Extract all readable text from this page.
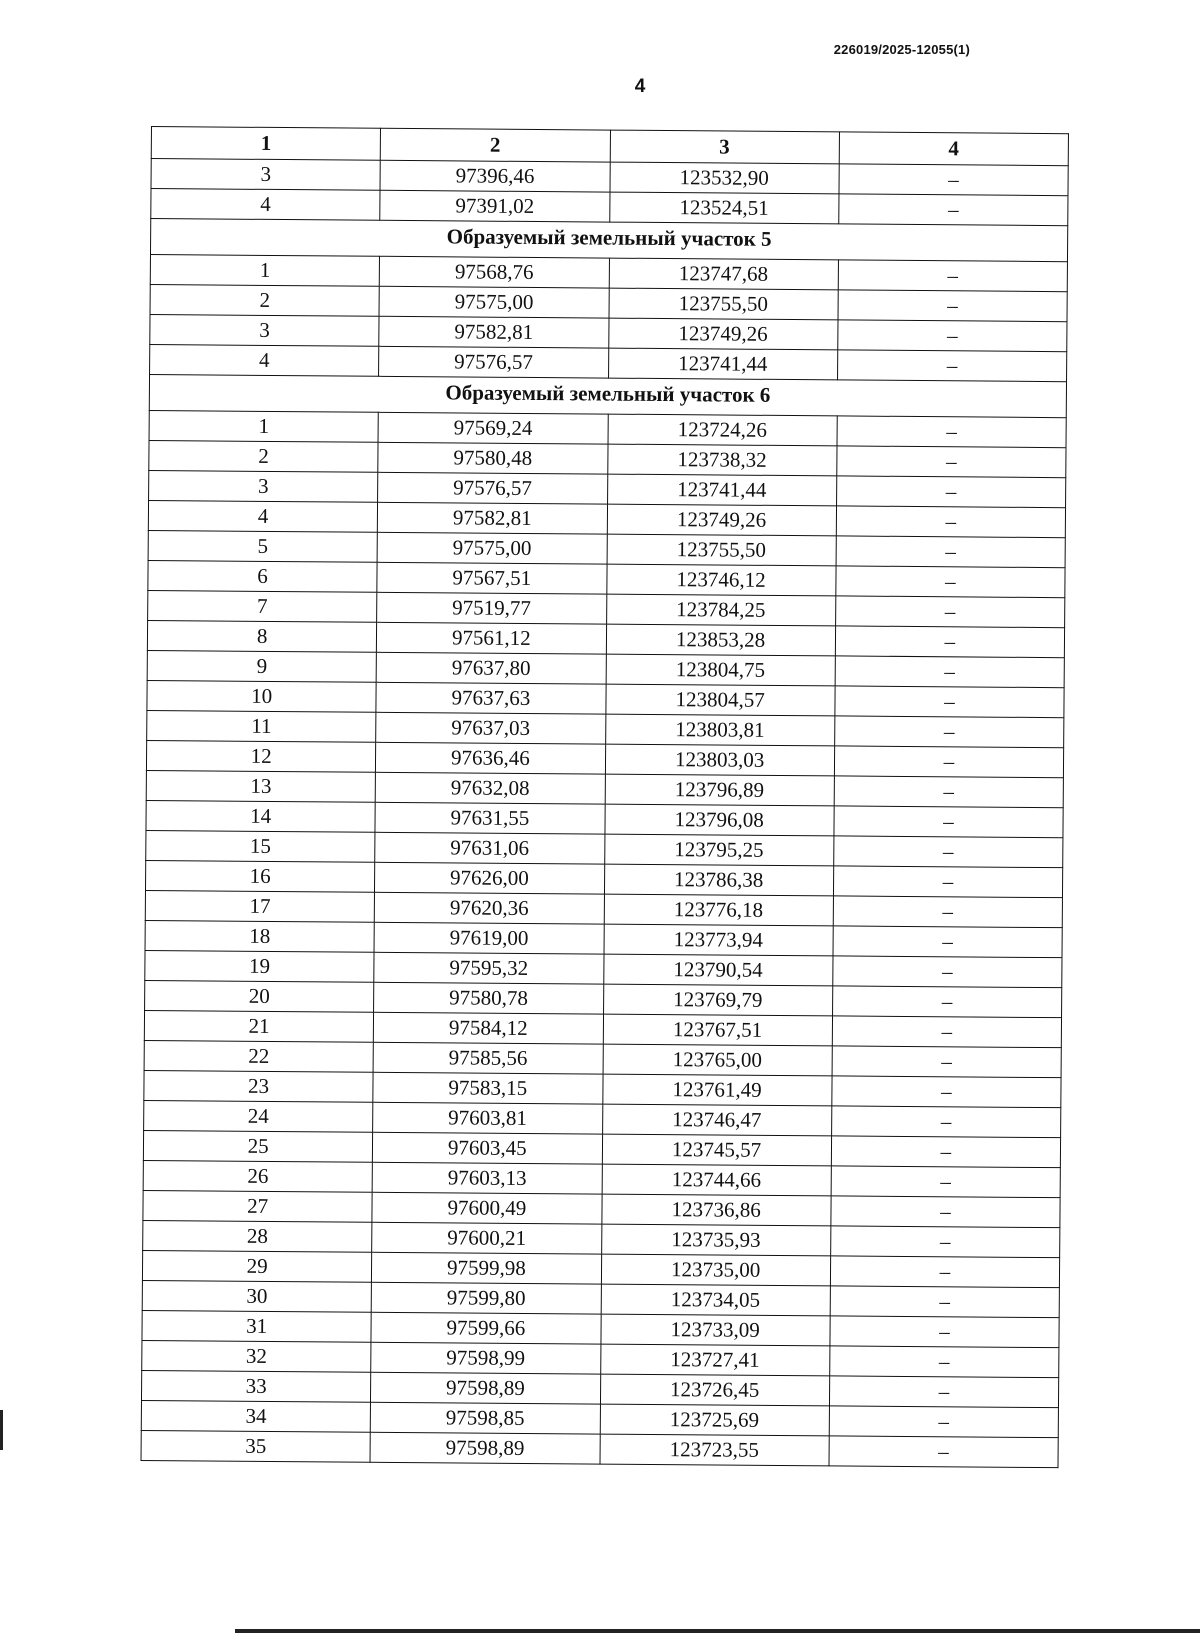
226019/2025-12055(1)
4
1	2	3	4
3	97396,46	123532,90	–
4	97391,02	123524,51	–
Образуемый земельный участок 5			
1	97568,76	123747,68	–
2	97575,00	123755,50	–
3	97582,81	123749,26	–
4	97576,57	123741,44	–
Образуемый земельный участок 6			
1	97569,24	123724,26	–
2	97580,48	123738,32	–
3	97576,57	123741,44	–
4	97582,81	123749,26	–
5	97575,00	123755,50	–
6	97567,51	123746,12	–
7	97519,77	123784,25	–
8	97561,12	123853,28	–
9	97637,80	123804,75	–
10	97637,63	123804,57	–
11	97637,03	123803,81	–
12	97636,46	123803,03	–
13	97632,08	123796,89	–
14	97631,55	123796,08	–
15	97631,06	123795,25	–
16	97626,00	123786,38	–
17	97620,36	123776,18	–
18	97619,00	123773,94	–
19	97595,32	123790,54	–
20	97580,78	123769,79	–
21	97584,12	123767,51	–
22	97585,56	123765,00	–
23	97583,15	123761,49	–
24	97603,81	123746,47	–
25	97603,45	123745,57	–
26	97603,13	123744,66	–
27	97600,49	123736,86	–
28	97600,21	123735,93	–
29	97599,98	123735,00	–
30	97599,80	123734,05	–
31	97599,66	123733,09	–
32	97598,99	123727,41	–
33	97598,89	123726,45	–
34	97598,85	123725,69	–
35	97598,89	123723,55	–
